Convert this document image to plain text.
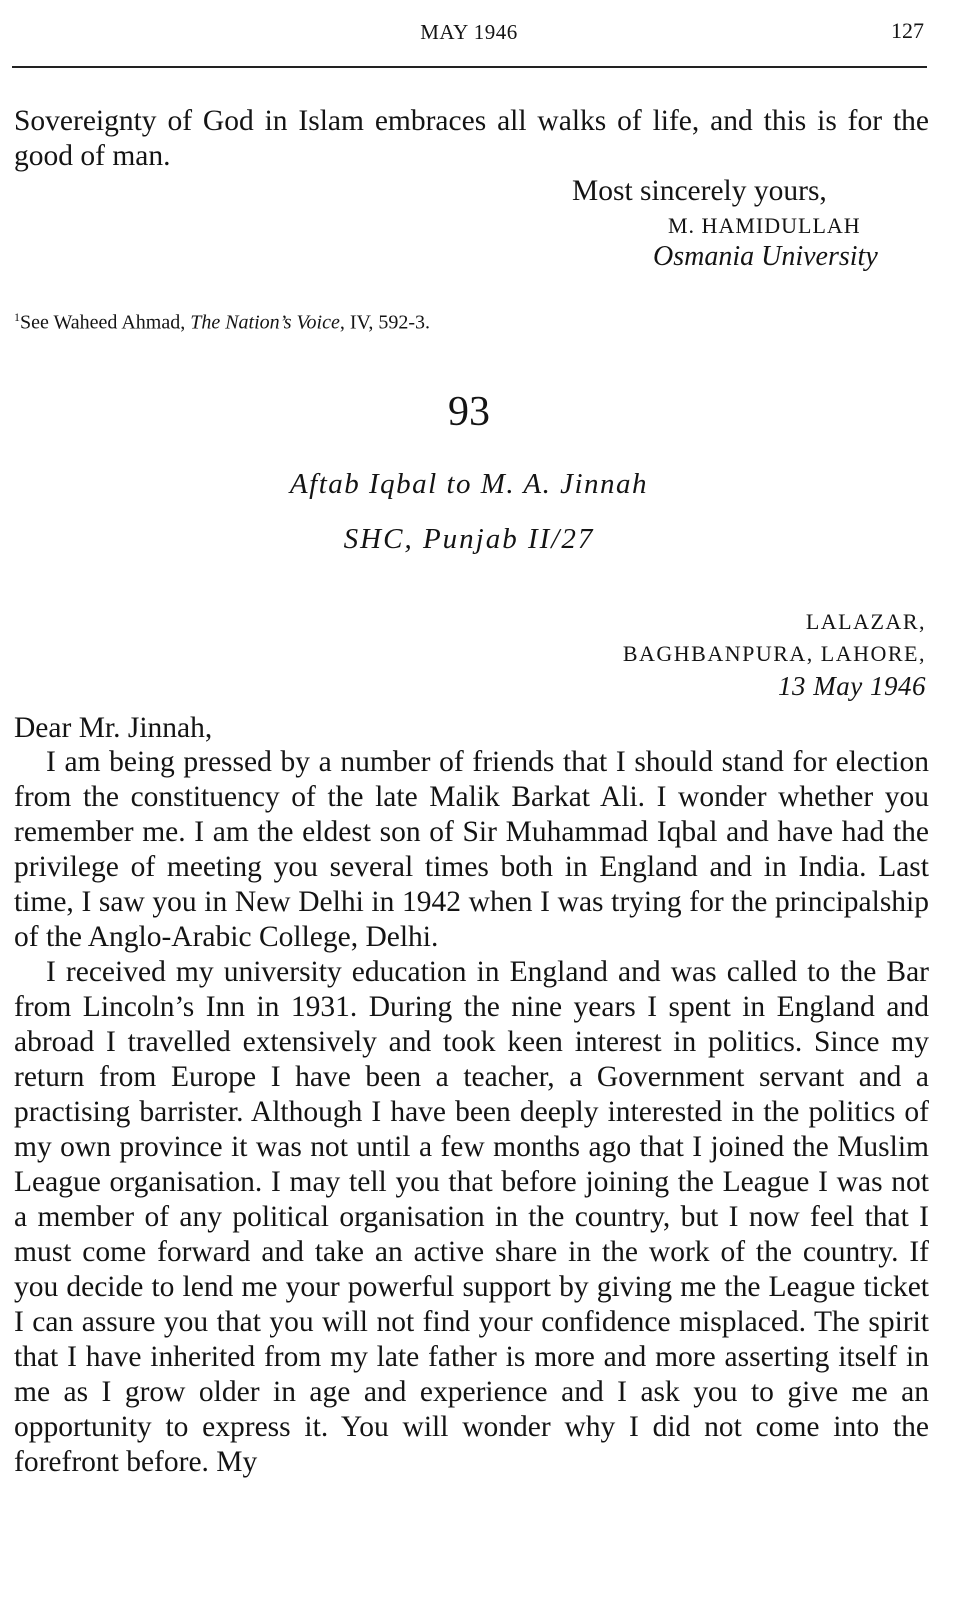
MAY 1946	127

Sovereignty of God in Islam embraces all walks of life, and this is for the good of man.

Most sincerely yours,
M. HAMIDULLAH
Osmania University
$^1$See Waheed Ahmad, The Nation’s Voice, IV, 592-3.
93
Aftab Iqbal to M. A. Jinnah
SHC, Punjab II/27
LALAZAR,
BAGHBANPURA, LAHORE,
13 May 1946
Dear Mr. Jinnah,

I am being pressed by a number of friends that I should stand for election from the constituency of the late Malik Barkat Ali. I wonder whether you remember me. I am the eldest son of Sir Muhammad Iqbal and have had the privilege of meeting you several times both in England and in India. Last time, I saw you in New Delhi in 1942 when I was trying for the principalship of the Anglo-Arabic College, Delhi.

I received my university education in England and was called to the Bar from Lincoln’s Inn in 1931. During the nine years I spent in England and abroad I travelled extensively and took keen interest in politics. Since my return from Europe I have been a teacher, a Government servant and a practising barrister. Although I have been deeply interested in the politics of my own province it was not until a few months ago that I joined the Muslim League organisation. I may tell you that before joining the League I was not a member of any political organisation in the country, but I now feel that I must come forward and take an active share in the work of the country. If you decide to lend me your powerful support by giving me the League ticket I can assure you that you will not find your confidence misplaced. The spirit that I have inherited from my late father is more and more asserting itself in me as I grow older in age and experience and I ask you to give me an opportunity to express it. You will wonder why I did not come into the forefront before. My
